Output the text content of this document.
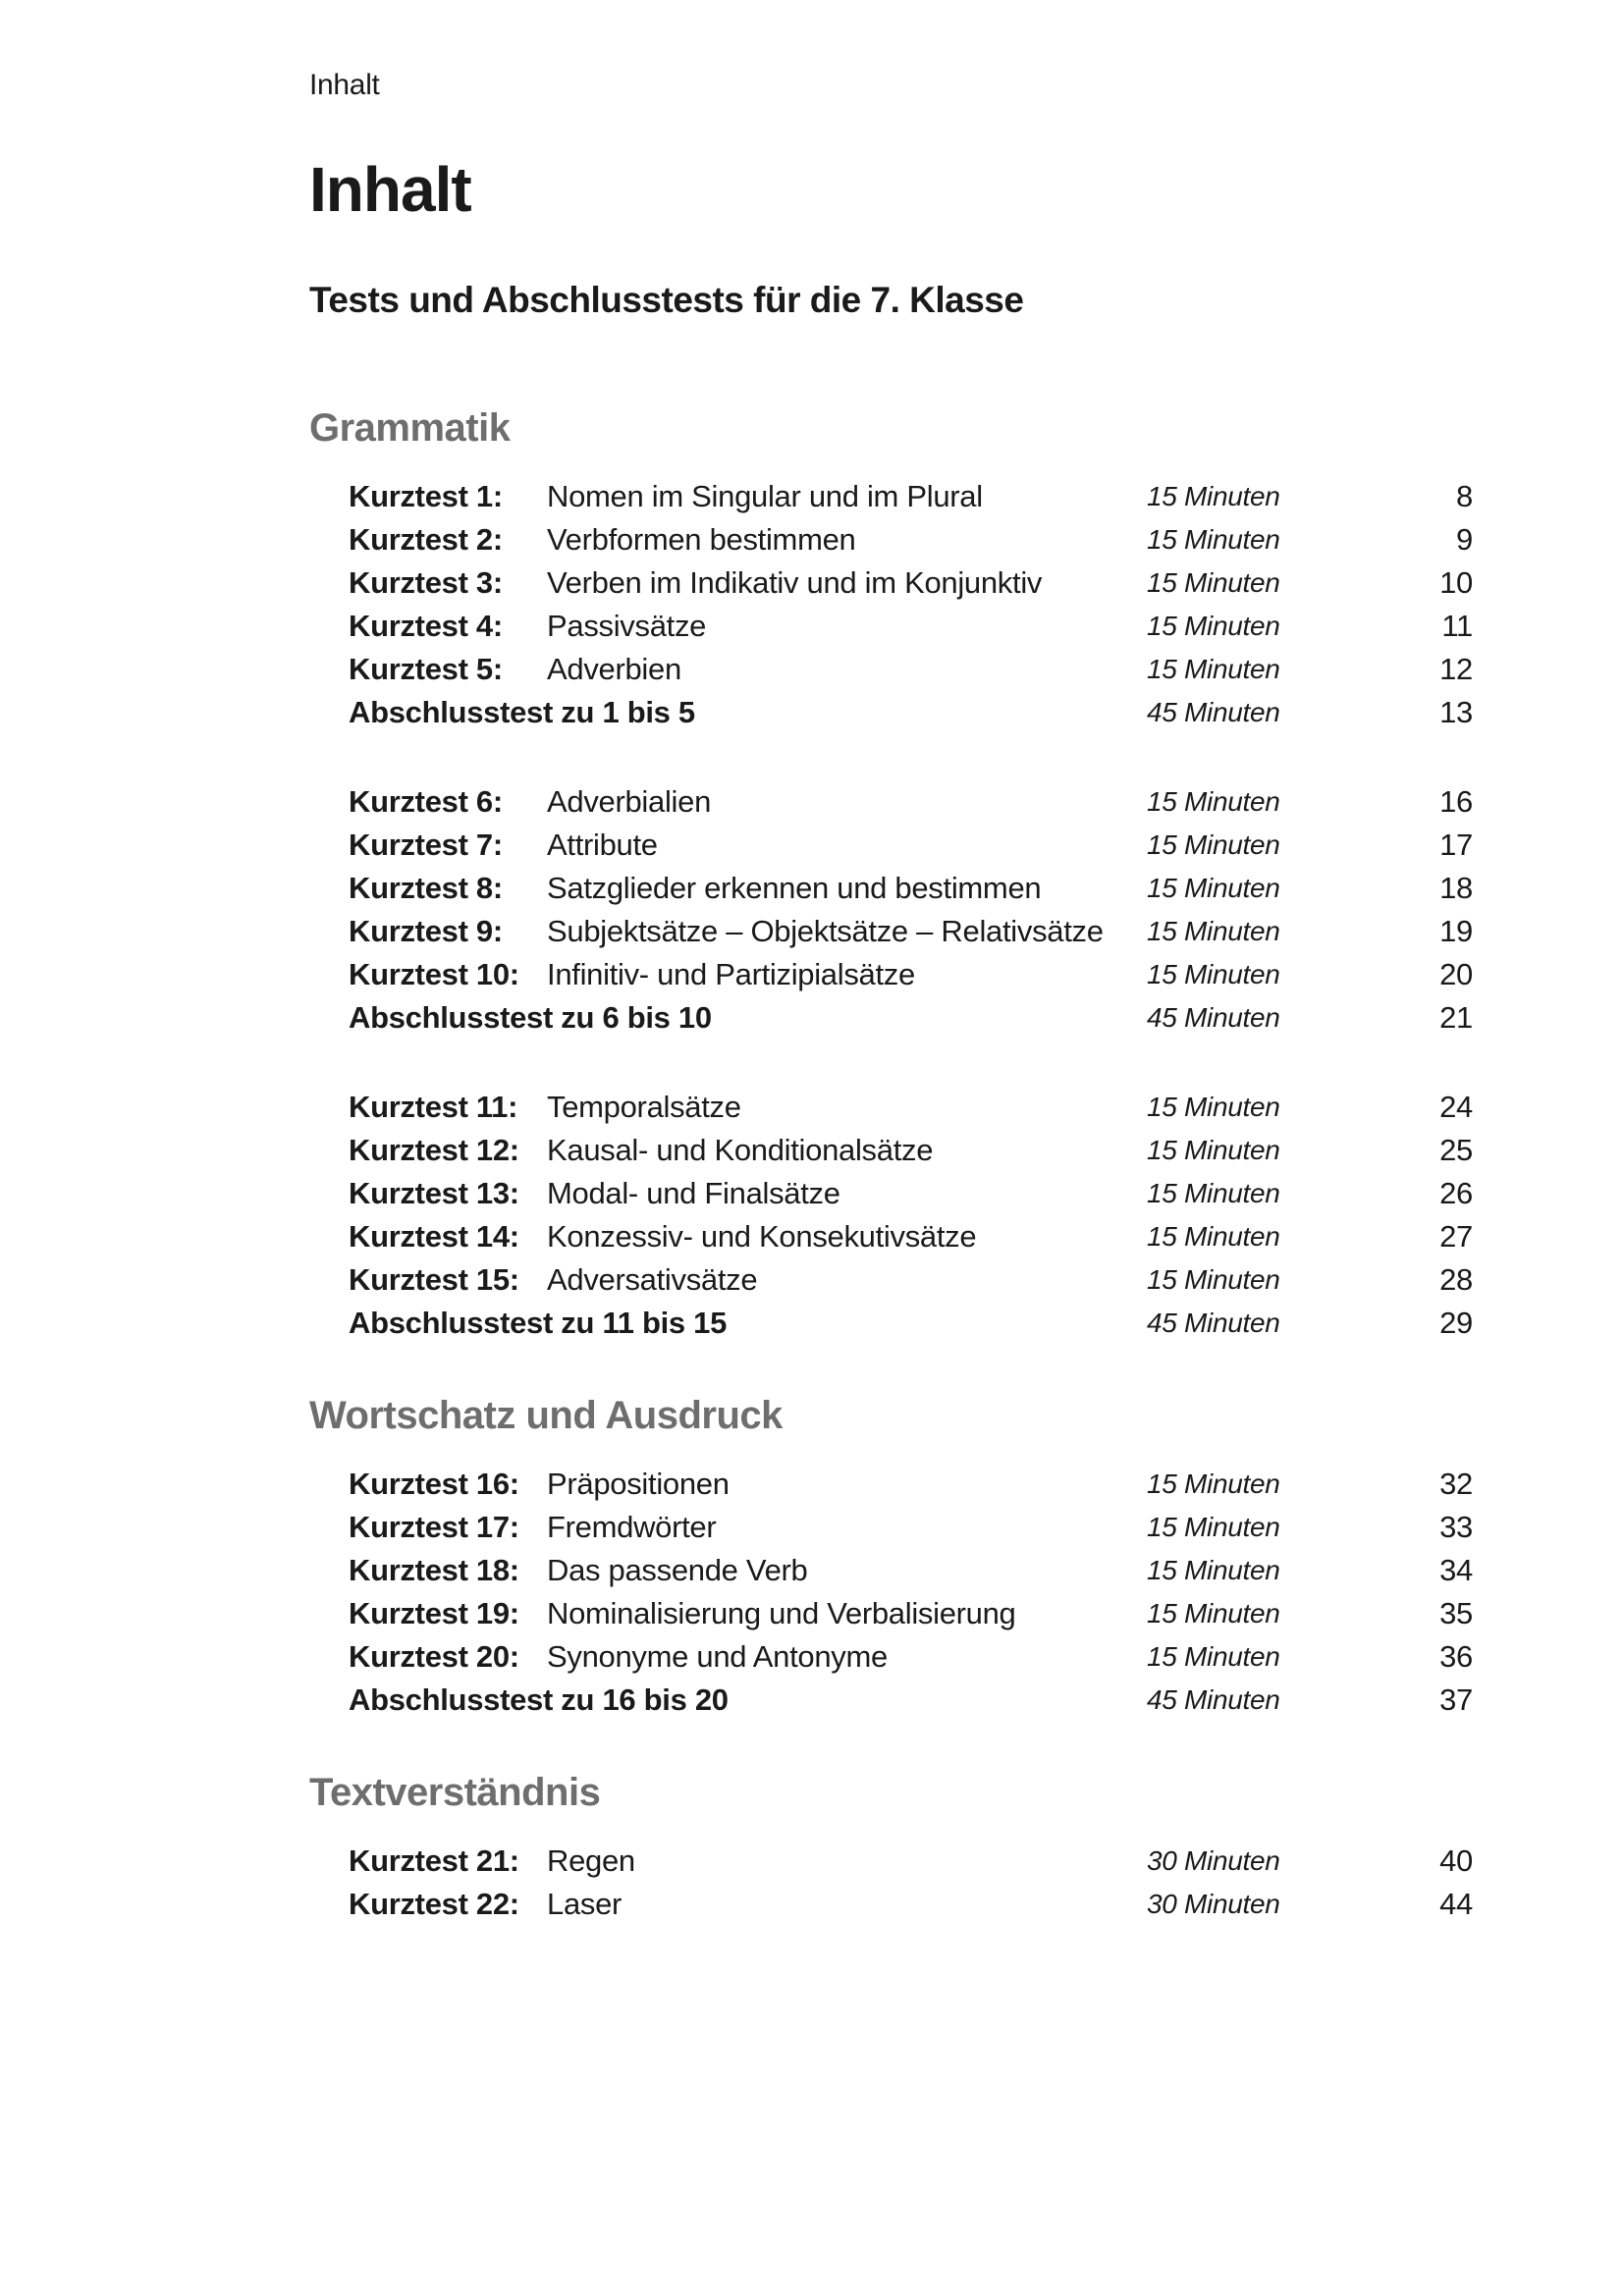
Inhalt
Inhalt
Tests und Abschlusstests für die 7. Klasse
Grammatik
Kurztest 1:	Nomen im Singular und im Plural	15 Minuten	8
Kurztest 2:	Verbformen bestimmen	15 Minuten	9
Kurztest 3:	Verben im Indikativ und im Konjunktiv	15 Minuten	10
Kurztest 4:	Passivsätze	15 Minuten	11
Kurztest 5:	Adverbien	15 Minuten	12
Abschlusstest zu 1 bis 5	45 Minuten	13
Kurztest 6:	Adverbialien	15 Minuten	16
Kurztest 7:	Attribute	15 Minuten	17
Kurztest 8:	Satzglieder erkennen und bestimmen	15 Minuten	18
Kurztest 9:	Subjektsätze – Objektsätze – Relativsätze	15 Minuten	19
Kurztest 10: Infinitiv- und Partizipialsätze	15 Minuten	20
Abschlusstest zu 6 bis 10	45 Minuten	21
Kurztest 11: Temporalsätze	15 Minuten	24
Kurztest 12: Kausal- und Konditionalsätze	15 Minuten	25
Kurztest 13: Modal- und Finalsätze	15 Minuten	26
Kurztest 14: Konzessiv- und Konsekutivsätze	15 Minuten	27
Kurztest 15: Adversativsätze	15 Minuten	28
Abschlusstest zu 11 bis 15	45 Minuten	29
Wortschatz und Ausdruck
Kurztest 16: Präpositionen	15 Minuten	32
Kurztest 17: Fremdwörter	15 Minuten	33
Kurztest 18: Das passende Verb	15 Minuten	34
Kurztest 19: Nominalisierung und Verbalisierung	15 Minuten	35
Kurztest 20: Synonyme und Antonyme	15 Minuten	36
Abschlusstest zu 16 bis 20	45 Minuten	37
Textverständnis
Kurztest 21: Regen	30 Minuten	40
Kurztest 22: Laser	30 Minuten	44
